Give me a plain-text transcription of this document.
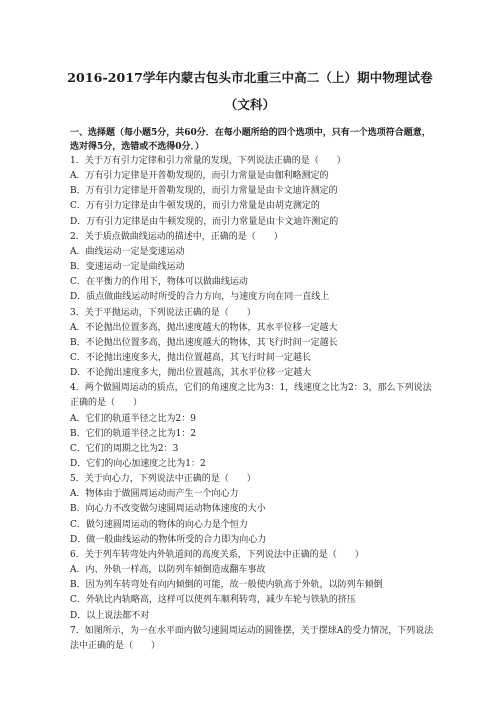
2016-2017学年内蒙古包头市北重三中高二（上）期中物理试卷
（文科）
一、选择题（每小题5分，共60分．在每小题所给的四个选项中，只有一个选项符合题意，
选对得5分，选错或不选得0分．）
1．关于万有引力定律和引力常量的发现，下列说法正确的是（　　）
A．万有引力定律是开普勒发现的，而引力常量是由伽利略测定的
B．万有引力定律是开普勒发现的，而引力常量是由卡文迪许测定的
C．万有引力定律是由牛顿发现的，而引力常量是由胡克测定的
D．万有引力定律是由牛顿发现的，而引力常量是由卡文迪许测定的
2．关于质点做曲线运动的描述中，正确的是（　　）
A．曲线运动一定是变速运动
B．变速运动一定是曲线运动
C．在平衡力的作用下，物体可以做曲线运动
D．质点做曲线运动时所受的合力方向，与速度方向在同一直线上
3．关于平抛运动，下列说法正确的是（　　）
A．不论抛出位置多高，抛出速度越大的物体，其水平位移一定越大
B．不论抛出位置多高，抛出速度越大的物体，其飞行时间一定越长
C．不论抛出速度多大，抛出位置越高，其飞行时间一定越长
D．不论抛出速度多大，抛出位置越高，其水平位移一定越大
4．两个做圆周运动的质点，它们的角速度之比为3：1，线速度之比为2：3，那么下列说法
正确的是（　　）
A．它们的轨道半径之比为2：9
B．它们的轨道半径之比为1：2
C．它们的周期之比为2：3
D．它们的向心加速度之比为1：2
5．关于向心力，下列说法中正确的是（　　）
A．物体由于做圆周运动而产生一个向心力
B．向心力不改变做匀速圆周运动物体速度的大小
C．做匀速圆周运动的物体的向心力是个恒力
D．做一般曲线运动的物体所受的合力即为向心力
6．关于列车转弯处内外轨道间的高度关系，下列说法中正确的是（　　）
A．内、外轨一样高，以防列车倾倒造成翻车事故
B．因为列车转弯处有向内倾倒的可能，故一般使内轨高于外轨，以防列车倾倒
C．外轨比内轨略高，这样可以使列车顺利转弯，减少车轮与铁轨的挤压
D．以上说法都不对
7．如图所示，为一在水平面内做匀速圆周运动的圆锥摆，关于摆球A的受力情况，下列说法
法中正确的是（　　）
